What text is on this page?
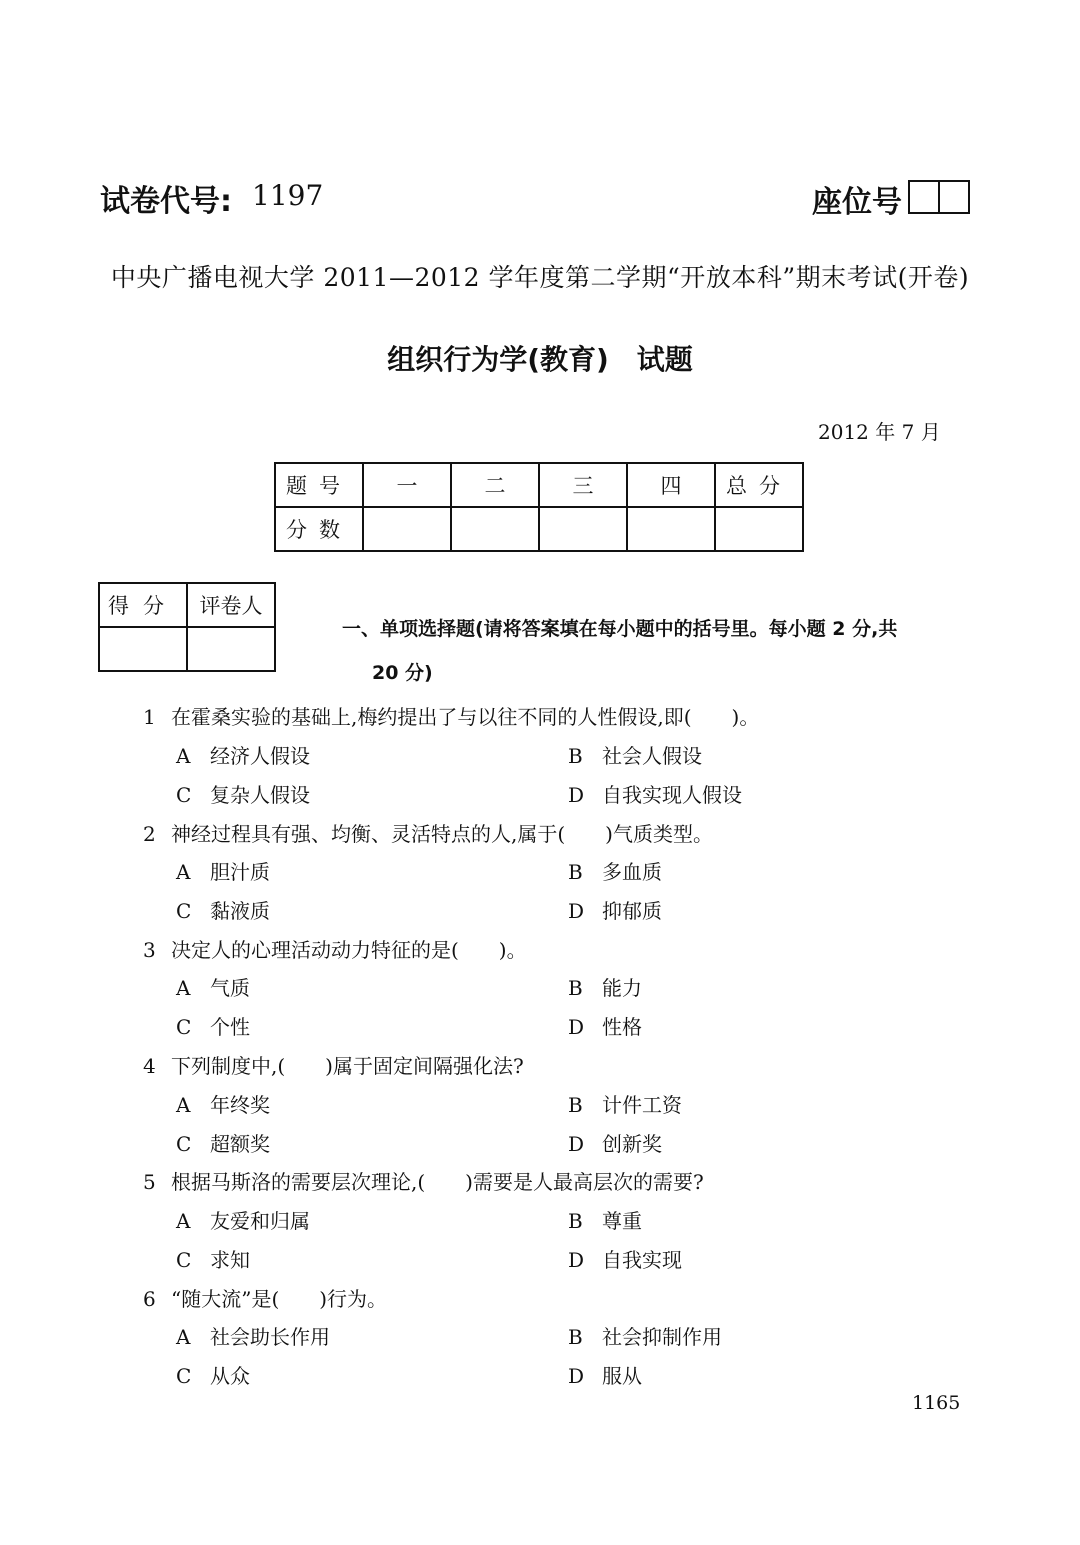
试卷代号: 1197	座位号
中央广播电视大学 2011—2012 学年度第二学期“开放本科”期末考试(开卷)
组织行为学(教育)　试题
2012 年 7 月
题号	一	二	三	四	总分
分数					
得分	评卷人

一、单项选择题(请将答案填在每小题中的括号里。每小题 2 分,共
20 分)
1 在霍桑实验的基础上,梅约提出了与以往不同的人性假设,即(　　)。
A 经济人假设	B 社会人假设
C 复杂人假设	D 自我实现人假设
2 神经过程具有强、均衡、灵活特点的人,属于(　　)气质类型。
A 胆汁质	B 多血质
C 黏液质	D 抑郁质
3 决定人的心理活动动力特征的是(　　)。
A 气质	B 能力
C 个性	D 性格
4 下列制度中,(　　)属于固定间隔强化法?
A 年终奖	B 计件工资
C 超额奖	D 创新奖
5 根据马斯洛的需要层次理论,(　　)需要是人最高层次的需要?
A 友爱和归属	B 尊重
C 求知	D 自我实现
6 “随大流”是(　　)行为。
A 社会助长作用	B 社会抑制作用
C 从众	D 服从
1165
